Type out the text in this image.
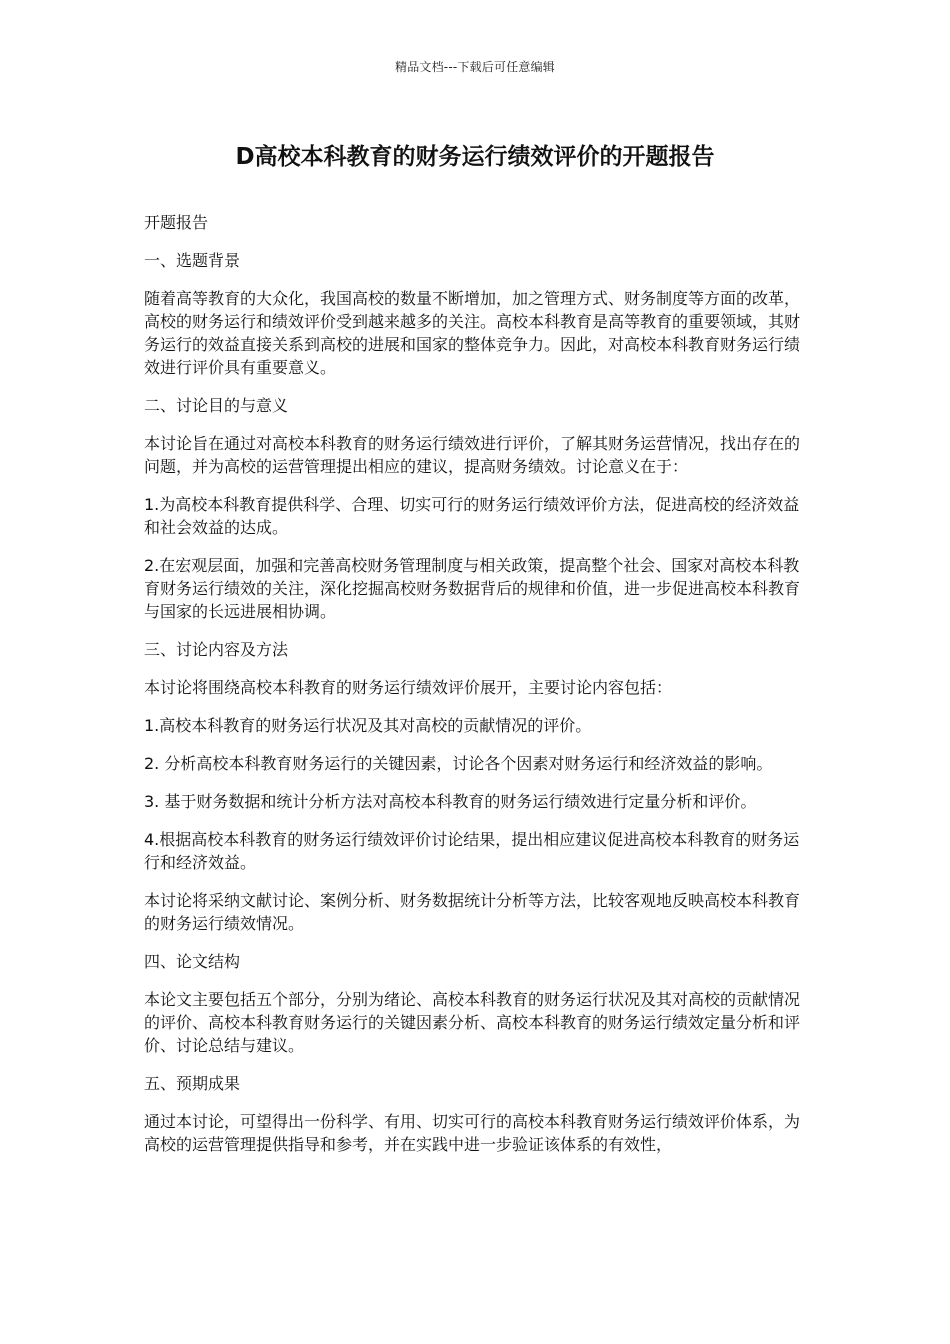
精品文档---下载后可任意编辑
D高校本科教育的财务运行绩效评价的开题报告

开题报告

一、选题背景

随着高等教育的大众化，我国高校的数量不断增加，加之管理方式、财务制度等方面的改革，高校的财务运行和绩效评价受到越来越多的关注。高校本科教育是高等教育的重要领域，其财务运行的效益直接关系到高校的进展和国家的整体竞争力。因此，对高校本科教育财务运行绩效进行评价具有重要意义。

二、讨论目的与意义

本讨论旨在通过对高校本科教育的财务运行绩效进行评价，了解其财务运营情况，找出存在的问题，并为高校的运营管理提出相应的建议，提高财务绩效。讨论意义在于：

1.为高校本科教育提供科学、合理、切实可行的财务运行绩效评价方法，促进高校的经济效益和社会效益的达成。

2.在宏观层面，加强和完善高校财务管理制度与相关政策，提高整个社会、国家对高校本科教育财务运行绩效的关注，深化挖掘高校财务数据背后的规律和价值，进一步促进高校本科教育与国家的长远进展相协调。

三、讨论内容及方法

本讨论将围绕高校本科教育的财务运行绩效评价展开，主要讨论内容包括：

1.高校本科教育的财务运行状况及其对高校的贡献情况的评价。

2. 分析高校本科教育财务运行的关键因素，讨论各个因素对财务运行和经济效益的影响。

3. 基于财务数据和统计分析方法对高校本科教育的财务运行绩效进行定量分析和评价。

4.根据高校本科教育的财务运行绩效评价讨论结果，提出相应建议促进高校本科教育的财务运行和经济效益。

本讨论将采纳文献讨论、案例分析、财务数据统计分析等方法，比较客观地反映高校本科教育的财务运行绩效情况。

四、论文结构

本论文主要包括五个部分，分别为绪论、高校本科教育的财务运行状况及其对高校的贡献情况的评价、高校本科教育财务运行的关键因素分析、高校本科教育的财务运行绩效定量分析和评价、讨论总结与建议。

五、预期成果

通过本讨论，可望得出一份科学、有用、切实可行的高校本科教育财务运行绩效评价体系，为高校的运营管理提供指导和参考，并在实践中进一步验证该体系的有效性，
